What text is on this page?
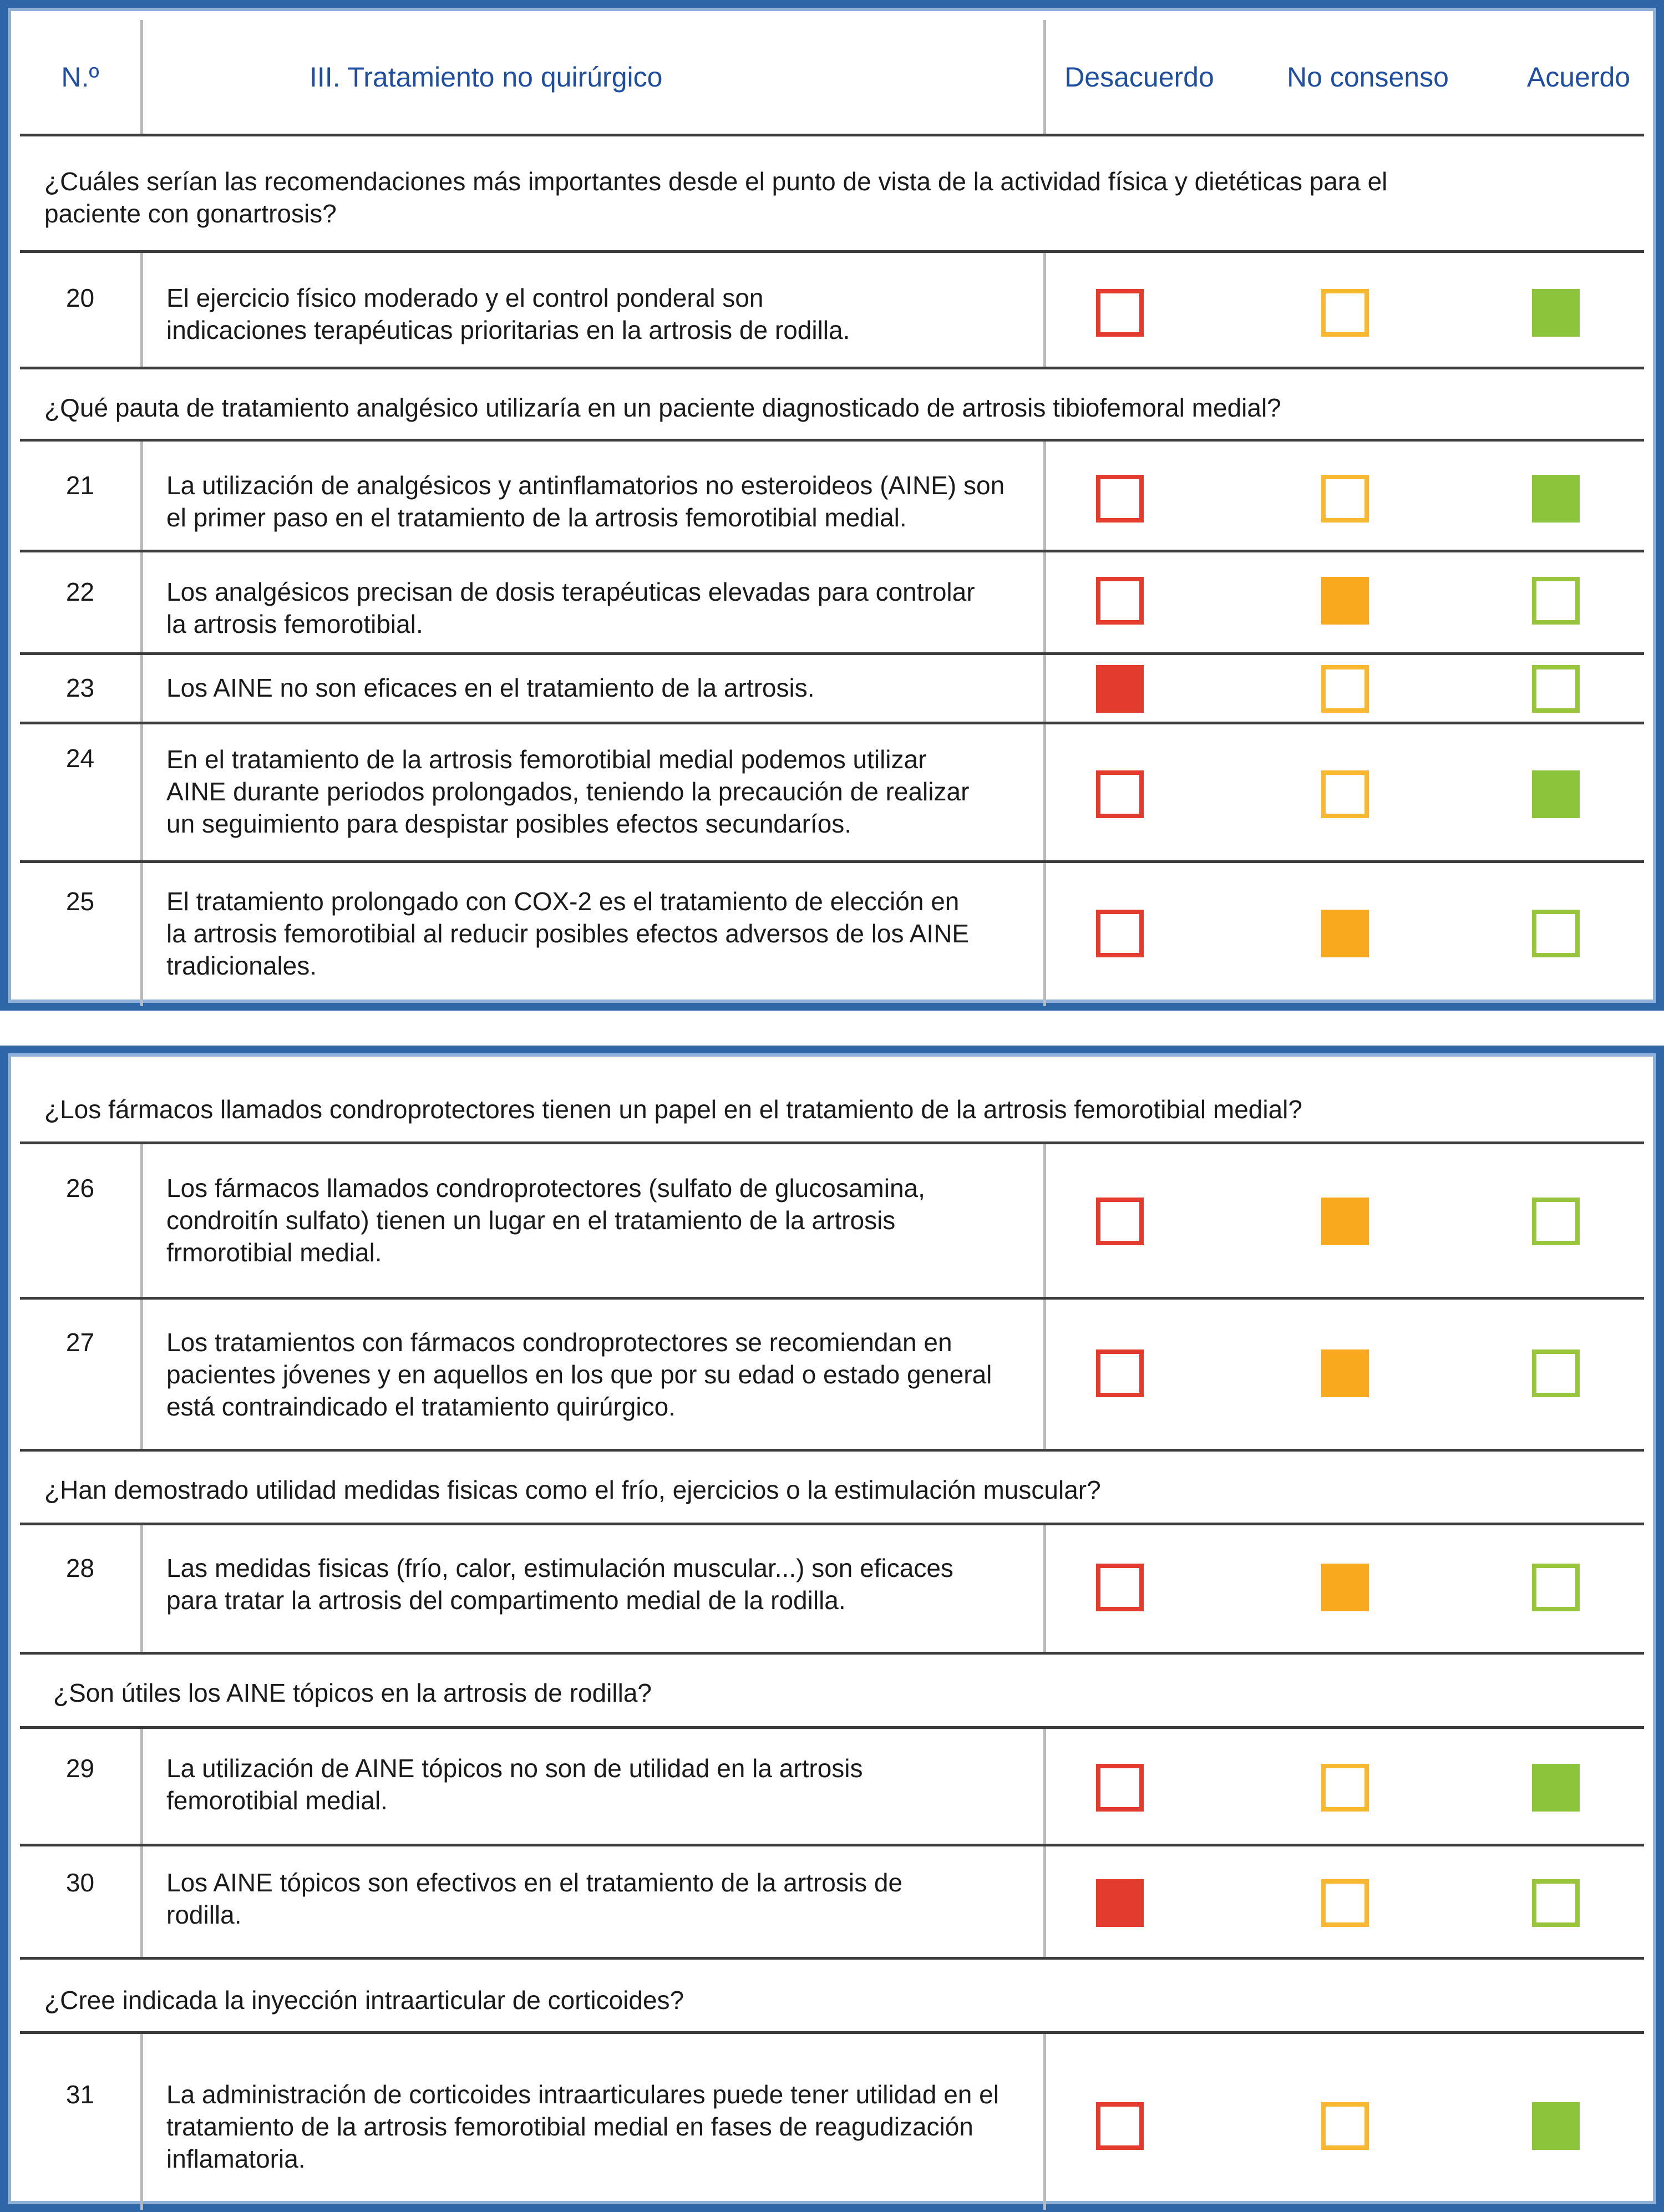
N.º	III. Tratamiento no quirúrgico	Desacuerdo	No consenso	Acuerdo
¿Cuáles serían las recomendaciones más importantes desde el punto de vista de la actividad física y dietéticas para el paciente con gonartrosis?
20	El ejercicio físico moderado y el control ponderal son indicaciones terapéuticas prioritarias en la artrosis de rodilla.
¿Qué pauta de tratamiento analgésico utilizaría en un paciente diagnosticado de artrosis tibiofemoral medial?
21	La utilización de analgésicos y antinflamatorios no esteroideos (AINE) son el primer paso en el tratamiento de la artrosis femorotibial medial.
22	Los analgésicos precisan de dosis terapéuticas elevadas para controlar la artrosis femorotibial.
23	Los AINE no son eficaces en el tratamiento de la artrosis.
24	En el tratamiento de la artrosis femorotibial medial podemos utilizar AINE durante periodos prolongados, teniendo la precaución de realizar un seguimiento para despistar posibles efectos secundaríos.
25	El tratamiento prolongado con COX-2 es el tratamiento de elección en la artrosis femorotibial al reducir posibles efectos adversos de los AINE tradicionales.
¿Los fármacos llamados condroprotectores tienen un papel en el tratamiento de la artrosis femorotibial medial?
26	Los fármacos llamados condroprotectores (sulfato de glucosamina, condroitín sulfato) tienen un lugar en el tratamiento de la artrosis frmorotibial medial.
27	Los tratamientos con fármacos condroprotectores se recomiendan en pacientes jóvenes y en aquellos en los que por su edad o estado general está contraindicado el tratamiento quirúrgico.
¿Han demostrado utilidad medidas fisicas como el frío, ejercicios o la estimulación muscular?
28	Las medidas fisicas (frío, calor, estimulación muscular...) son eficaces para tratar la artrosis del compartimento medial de la rodilla.
¿Son útiles los AINE tópicos en la artrosis de rodilla?
29	La utilización de AINE tópicos no son de utilidad en la artrosis femorotibial medial.
30	Los AINE tópicos son efectivos en el tratamiento de la artrosis de rodilla.
¿Cree indicada la inyección intraarticular de corticoides?
31	La administración de corticoides intraarticulares puede tener utilidad en el tratamiento de la artrosis femorotibial medial en fases de reagudización inflamatoria.
